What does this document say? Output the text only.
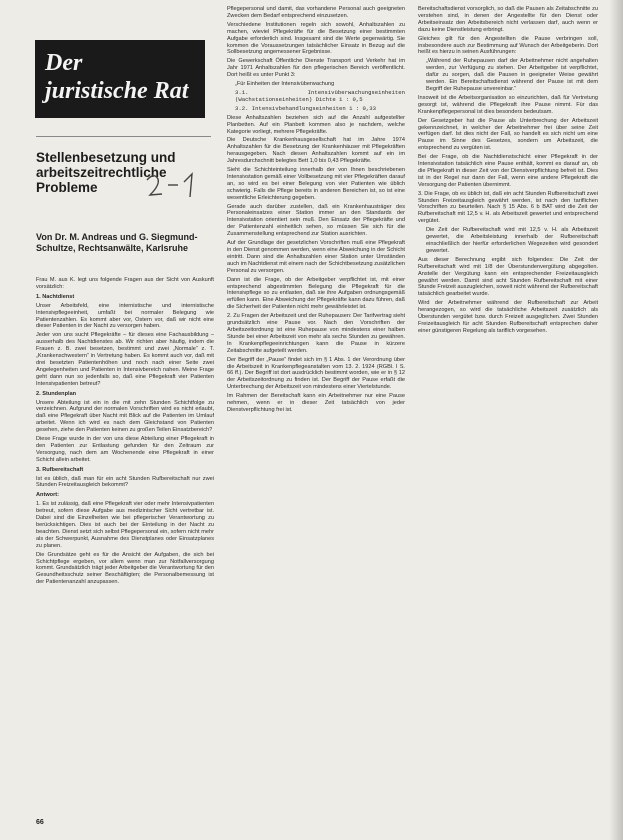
Der
juristische Rat
Stellenbesetzung und arbeitszeitrechtliche Probleme
Von Dr. M. Andreas und G. Siegmund-Schultze, Rechtsanwälte, Karlsruhe

Frau M. aus K. legt uns folgende Fragen aus der Sicht von Auskunft vorsätzlich:

1. Nachtdienst

Unser Arbeitsfeld, eine internistische und internistische Intensivpflegeeinheit, umfaßt bei normaler Belegung wie Patientenzahlen. Es kommt aber vor, Ostern vor, daß wir nicht eine dieser Patienten in der Nacht zu versorgen haben.

Jeder von uns sucht Pflegekräfte – für dieses eine Fachausbildung – ausserhalb des Nachtdienstes ab. Wir richten aber häufig, indem die Frauen z. B. zwei besetzen, bestimmt und zwei „Normale“ z. T. „Krankenschwestern“ in Vertretung haben. Es kommt auch vor, daß mit drei besetzten Patientenhöhen und noch nach einer Seite zwei Angelegenheiten und Patienten in Intensivbereich nahen. Meine Frage geht dann nun so jedenfalls so, daß eine Pflegekraft vier Patienten Intensivpatienten betreut?

2. Stundenplan

Unsere Abteilung ist ein in die mit zehn Stunden Schichtfolge zu verzeichnen. Aufgrund der normalen Vorschriften wird es nicht erlaubt, daß eine Pflegekraft über Nacht mit Blick auf die Patienten im Umlauf arbeitet. Wenn ich wird es nach dem Gleichstand von Patienten gesehen, ziehe den Patienten keinen zu großen Teilen Einsatzbereich?

Diese Frage wurde in der von uns diese Abteilung einer Pflegekraft in den Patienten zur Entlastung gefunden für den Zeitraum zur Versorgung, nach dem am Wochenende eine Pflegekraft in einer Schicht allein arbeitet.

3. Rufbereitschaft

Ist es üblich, daß man für ein acht Stunden Rufbereitschaft nur zwei Stunden Freizeitausgleich bekommt?

Antwort:

1. Es ist zulässig, daß eine Pflegekraft vier oder mehr Intensivpatienten betreut, sofern diese Aufgabe aus medizinischer Sicht vertretbar ist. Dabei sind die Einzelheiten wie bei pflegerischer Verantwortung zu berücksichtigen. Dies ist auch bei der Einteilung in der Nacht zu beachten. Dienst setzt sich selbst Pflegepersonal ein, sofern nicht mehr als der Schwerpunkt, Ausnahme des Dienstplanes oder Einsatzplanes zu planen.

Die Grundsätze geht es für die Ansicht der Aufgaben, die sich bei Schichtpflege ergeben, vor allem wenn man zur Notfallversorgung kommt. Grundsätzlich trägt jeder Arbeitgeber die Verantwortung für den Gesundheitsschutz seiner Beschäftigten; die Personalbemessung ist der Patientenanzahl anzupassen.

Pflegepersonal und damit, das vorhandene Personal auch geeigneten Zwecken dem Bedarf entsprechend einzusetzen.

Verschiedene Institutionen regeln sich sowohl, Anhaltszahlen zu machen, wieviel Pflegekräfte für die Besetzung einer bestimmten Aufgabe erforderlich sind. Insgesamt sind die Werte gegenwärtig. Sie kommen die Voraussetzungen tatsächlicher Einsatz in Bezug auf die Sollbesetzung angemessener Ergebnisse.

Die Gewerkschaft Öffentliche Dienste Transport und Verkehr hat im Jahr 1971 Anhaltszahlen für den pflegerischen Bereich veröffentlicht. Dort heißt es unter Punkt 3:

„Für Einheiten der Intensivüberwachung

3.1. Intensivüberwachungseinheiten (Wachstationseinheiten) Dichte 1 : 0,5

3.2. Intensivbehandlungseinheiten 1 : 0,33

Diese Anhaltszahlen beziehen sich auf die Anzahl aufgestellter Planbetten. Auf ein Planbett kommen also je nachdem, welche Kategorie vorliegt, mehrere Pflegekräfte.

Die Deutsche Krankenhausgesellschaft hat im Jahre 1974 Anhaltszahlen für die Besetzung der Krankenhäuser mit Pflegekräften herausgegeben. Nach diesen Anhaltszahlen kommt auf ein im Jahresdurchschnitt belegtes Bett 1,0 bis 0,43 Pflegekräfte.

Sieht die Schichteinteilung innerhalb der von Ihnen beschriebenen Intensivstation gemäß einer Vollbesetzung mit vier Pflegekräften darauf an, so wird es bei einer Belegung von vier Patienten wie üblich schwierig. Falls die Pflege bereits in anderen Bereichen ist, so ist eine wesentliche Erleichterung gegeben.

Gerade auch darüber zustellen, daß ein Krankenhausträger des Personaleinsatzes einer Station immer an den Standards der Intensivstation orientiert sein muß. Den Einsatz der Pflegekräfte und der Patientenzahl einheitlich sehen, so müssen Sie sich für die Zusammenstellung entsprechend zur Station ausrichten.

Auf der Grundlage der gesetzlichen Vorschriften muß eine Pflegekraft in den Dienst genommen werden, wenn eine Abweichung in der Schicht eintritt. Dann sind die Anhaltszahlen einer Station unter Umständen auch im Nachtdienst mit einem nach der Schichtbesetzung zusätzlichen Personal zu versorgen.

Dann ist die Frage, ob der Arbeitgeber verpflichtet ist, mit einer entsprechend abgestimmten Belegung die Pflegekraft für die Intensivpflege so zu entlasten, daß sie ihre Aufgaben ordnungsgemäß erfüllen kann. Eine Abweichung der Pflegekräfte kann dazu führen, daß die Sicherheit der Patienten nicht mehr gewährleistet ist.

2. Zu Fragen der Arbeitszeit und der Ruhepausen: Der Tarifvertrag sieht grundsätzlich eine Pause vor. Nach den Vorschriften der Arbeitszeitordnung ist eine Ruhepause von mindestens einer halben Stunde bei einer Arbeitszeit von mehr als sechs Stunden zu gewähren. In Krankenpflegeeinrichtungen kann die Pause in kürzere Zeitabschnitte aufgeteilt werden.

Der Begriff der „Pause“ findet sich im § 1 Abs. 1 der Verordnung über die Arbeitszeit in Krankenpflegeanstalten vom 13. 2. 1924 (RGBl. I S. 66 ff.). Der Begriff ist dort ausdrücklich bestimmt worden, wie er in § 12 der Arbeitszeitordnung zu finden ist. Der Begriff der Pause erfaßt die Unterbrechung der Arbeitszeit von mindestens einer Viertelstunde.

Im Rahmen der Bereitschaft kann ein Arbeitnehmer nur eine Pause nehmen, wenn er in dieser Zeit tatsächlich von jeder Dienstverpflichtung frei ist.

Bereitschaftsdienst vorsorglich, so daß die Pausen als Zeitabschnitte zu verstehen sind, in denen der Angestellte für den Dienst oder Arbeitseinsatz den Arbeitsbereich nicht verlassen darf, auch wenn er dazu keine Dienstleistung erbringt.

Gleiches gilt für den Angestellten die Pause verbringen soll, insbesondere auch zur Bestimmung auf Wunsch der Arbeitgeberin. Dort heißt es hierzu in seinen Ausführungen:

„Während der Ruhepausen darf der Arbeitnehmer nicht angehalten werden, zur Verfügung zu stehen. Der Arbeitgeber ist verpflichtet, dafür zu sorgen, daß die Pausen in geeigneter Weise gewährt werden. Ein Bereitschaftsdienst während der Pause ist mit dem Begriff der Ruhepause unvereinbar.“

Insoweit ist die Arbeitsorganisation so einzurichten, daß für Vertretung gesorgt ist, während die Pflegekraft ihre Pause nimmt. Für das Krankenpflegepersonal ist dies besonders bedeutsam.

Der Gesetzgeber hat die Pause als Unterbrechung der Arbeitszeit gekennzeichnet, in welcher der Arbeitnehmer frei über seine Zeit verfügen darf. Ist dies nicht der Fall, so handelt es sich nicht um eine Pause im Sinne des Gesetzes, sondern um Arbeitszeit, die entsprechend zu vergüten ist.

Bei der Frage, ob die Nachtdienstschicht einer Pflegekraft in der Intensivstation tatsächlich eine Pause enthält, kommt es darauf an, ob die Pflegekraft in dieser Zeit von der Dienstverpflichtung befreit ist. Dies ist in der Regel nur dann der Fall, wenn eine andere Pflegekraft die Versorgung der Patienten übernimmt.

3. Die Frage, ob es üblich ist, daß ein acht Stunden Rufbereitschaft zwei Stunden Freizeitausgleich gewährt werden, ist nach den tariflichen Vorschriften zu beurteilen. Nach § 15 Abs. 6 b BAT wird die Zeit der Rufbereitschaft mit 12,5 v. H. als Arbeitszeit gewertet und entsprechend vergütet.

Die Zeit der Rufbereitschaft wird mit 12,5 v. H. als Arbeitszeit gewertet, die Arbeitsleistung innerhalb der Rufbereitschaft einschließlich der hierfür erforderlichen Wegezeiten wird gesondert gewertet.

Aus dieser Berechnung ergibt sich folgendes: Die Zeit der Rufbereitschaft wird mit 1/8 der Überstundenvergütung abgegolten. Anstelle der Vergütung kann ein entsprechender Freizeitausgleich gewährt werden. Damit sind acht Stunden Rufbereitschaft mit einer Stunde Freizeit auszugleichen, soweit nicht während der Rufbereitschaft tatsächlich gearbeitet wurde.

Wird der Arbeitnehmer während der Rufbereitschaft zur Arbeit herangezogen, so wird die tatsächliche Arbeitszeit zusätzlich als Überstunden vergütet bzw. durch Freizeit ausgeglichen. Zwei Stunden Freizeitausgleich für acht Stunden Rufbereitschaft entsprechen daher einer günstigeren Regelung als tariflich vorgesehen.

66
